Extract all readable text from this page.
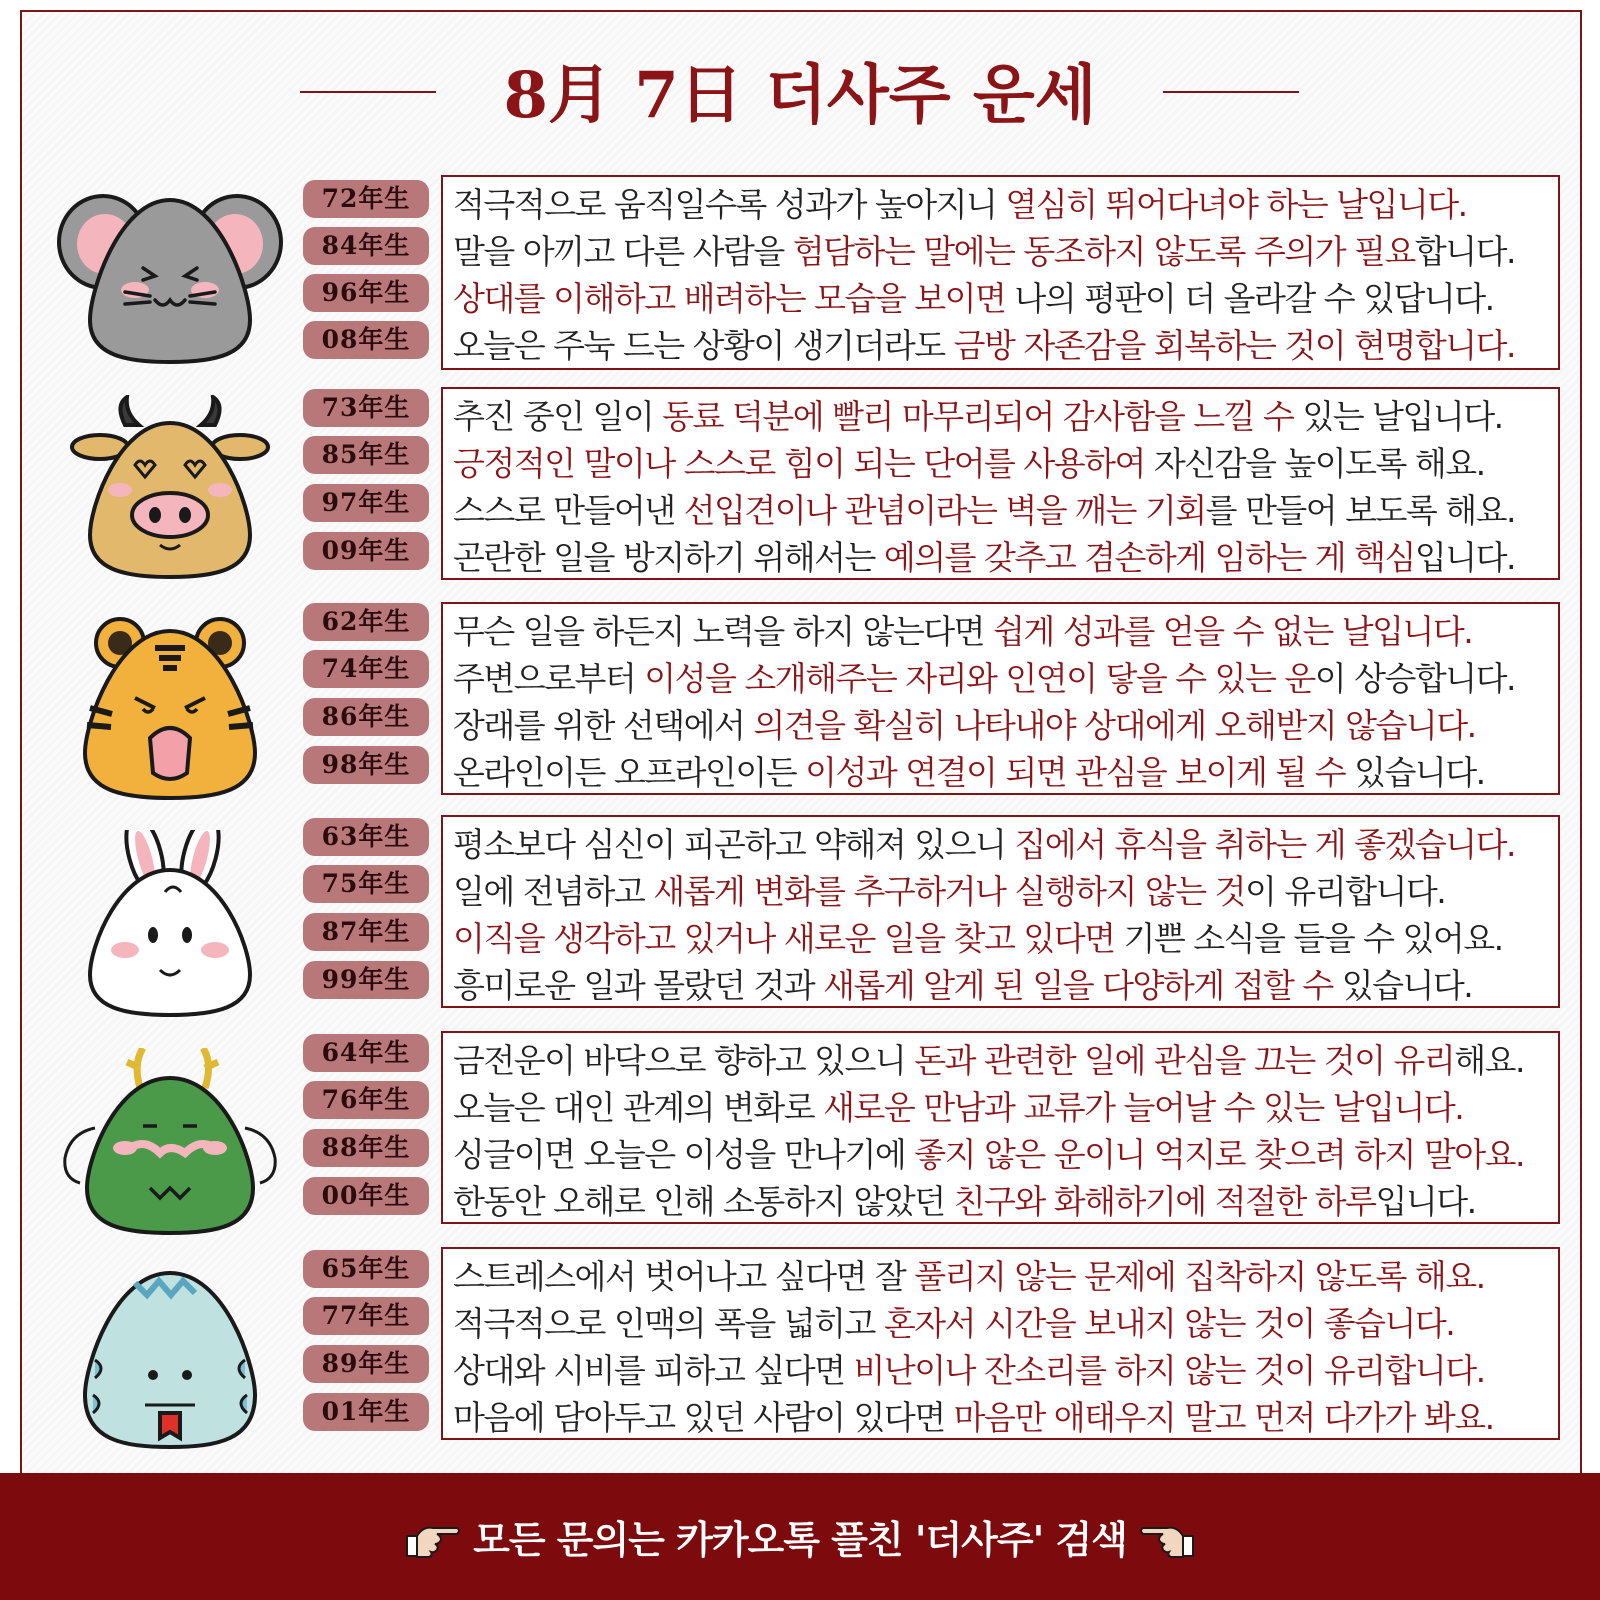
8月 7日 더사주 운세
72年生
84年生
96年生
08年生
적극적으로 움직일수록 성과가 높아지니 열심히 뛰어다녀야 하는 날입니다.
말을 아끼고 다른 사람을 험담하는 말에는 동조하지 않도록 주의가 필요합니다.
상대를 이해하고 배려하는 모습을 보이면 나의 평판이 더 올라갈 수 있답니다.
오늘은 주눅 드는 상황이 생기더라도 금방 자존감을 회복하는 것이 현명합니다.
73年生
85年生
97年生
09年生
추진 중인 일이 동료 덕분에 빨리 마무리되어 감사함을 느낄 수 있는 날입니다.
긍정적인 말이나 스스로 힘이 되는 단어를 사용하여 자신감을 높이도록 해요.
스스로 만들어낸 선입견이나 관념이라는 벽을 깨는 기회를 만들어 보도록 해요.
곤란한 일을 방지하기 위해서는 예의를 갖추고 겸손하게 임하는 게 핵심입니다.
62年生
74年生
86年生
98年生
무슨 일을 하든지 노력을 하지 않는다면 쉽게 성과를 얻을 수 없는 날입니다.
주변으로부터 이성을 소개해주는 자리와 인연이 닿을 수 있는 운이 상승합니다.
장래를 위한 선택에서 의견을 확실히 나타내야 상대에게 오해받지 않습니다.
온라인이든 오프라인이든 이성과 연결이 되면 관심을 보이게 될 수 있습니다.
63年生
75年生
87年生
99年生
평소보다 심신이 피곤하고 약해져 있으니 집에서 휴식을 취하는 게 좋겠습니다.
일에 전념하고 새롭게 변화를 추구하거나 실행하지 않는 것이 유리합니다.
이직을 생각하고 있거나 새로운 일을 찾고 있다면 기쁜 소식을 들을 수 있어요.
흥미로운 일과 몰랐던 것과 새롭게 알게 된 일을 다양하게 접할 수 있습니다.
64年生
76年生
88年生
00年生
금전운이 바닥으로 향하고 있으니 돈과 관련한 일에 관심을 끄는 것이 유리해요.
오늘은 대인 관계의 변화로 새로운 만남과 교류가 늘어날 수 있는 날입니다.
싱글이면 오늘은 이성을 만나기에 좋지 않은 운이니 억지로 찾으려 하지 말아요.
한동안 오해로 인해 소통하지 않았던 친구와 화해하기에 적절한 하루입니다.
65年生
77年生
89年生
01年生
스트레스에서 벗어나고 싶다면 잘 풀리지 않는 문제에 집착하지 않도록 해요.
적극적으로 인맥의 폭을 넓히고 혼자서 시간을 보내지 않는 것이 좋습니다.
상대와 시비를 피하고 싶다면 비난이나 잔소리를 하지 않는 것이 유리합니다.
마음에 담아두고 있던 사람이 있다면 마음만 애태우지 말고 먼저 다가가 봐요.
모든 문의는 카카오톡 플친 '더사주' 검색
